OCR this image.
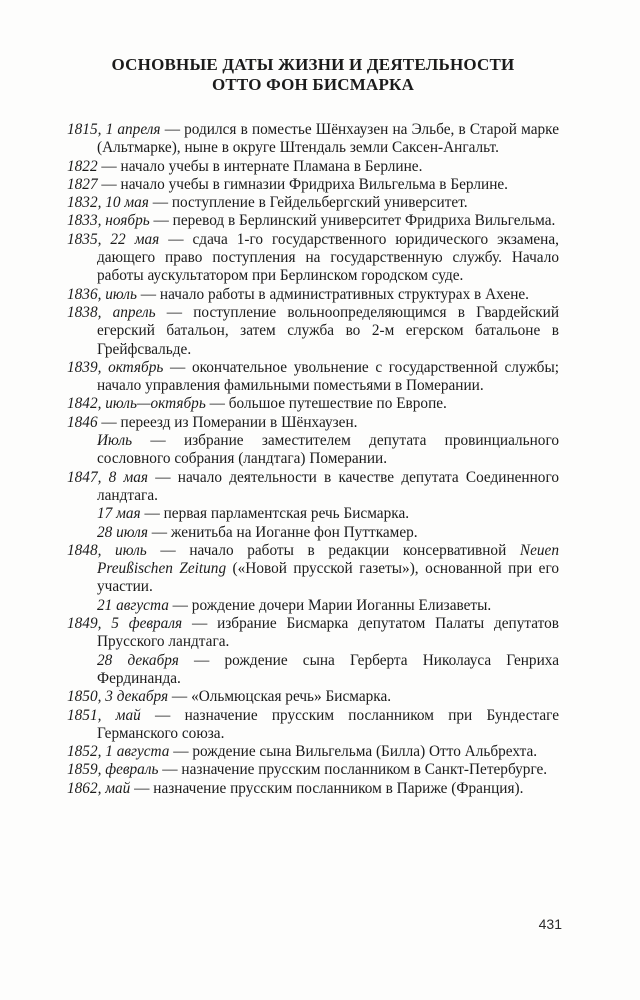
ОСНОВНЫЕ ДАТЫ ЖИЗНИ И ДЕЯТЕЛЬНОСТИ
ОТТО ФОН БИСМАРКА

1815, 1 апреля — родился в поместье Шёнхаузен на Эльбе, в Старой марке (Альтмарке), ныне в округе Штендаль земли Саксен-Ангальт.

1822 — начало учебы в интернате Пламана в Берлине.

1827 — начало учебы в гимназии Фридриха Вильгельма в Берлине.

1832, 10 мая — поступление в Гейдельбергский университет.

1833, ноябрь — перевод в Берлинский университет Фридриха Вильгельма.

1835, 22 мая — сдача 1-го государственного юридического экзамена, дающего право поступления на государственную службу. Начало работы аускультатором при Берлинском городском суде.

1836, июль — начало работы в административных структурах в Ахене.

1838, апрель — поступление вольноопределяющимся в Гвардейский егерский батальон, затем служба во 2-м егерском батальоне в Грейфсвальде.

1839, октябрь — окончательное увольнение с государственной службы; начало управления фамильными поместьями в Померании.

1842, июль—октябрь — большое путешествие по Европе.

1846 — переезд из Померании в Шёнхаузен.

Июль — избрание заместителем депутата провинциального сословного собрания (ландтага) Померании.

1847, 8 мая — начало деятельности в качестве депутата Соединенного ландтага.

17 мая — первая парламентская речь Бисмарка.

28 июля — женитьба на Иоганне фон Путткамер.

1848, июль — начало работы в редакции консервативной Neuen Preußischen Zeitung («Новой прусской газеты»), основанной при его участии.

21 августа — рождение дочери Марии Иоганны Елизаветы.

1849, 5 февраля — избрание Бисмарка депутатом Палаты депутатов Прусского ландтага.

28 декабря — рождение сына Герберта Николауса Генриха Фердинанда.

1850, 3 декабря — «Ольмюцская речь» Бисмарка.

1851, май — назначение прусским посланником при Бундестаге Германского союза.

1852, 1 августа — рождение сына Вильгельма (Билла) Отто Альбрехта.

1859, февраль — назначение прусским посланником в Санкт-Петербурге.

1862, май — назначение прусским посланником в Париже (Франция).

431
